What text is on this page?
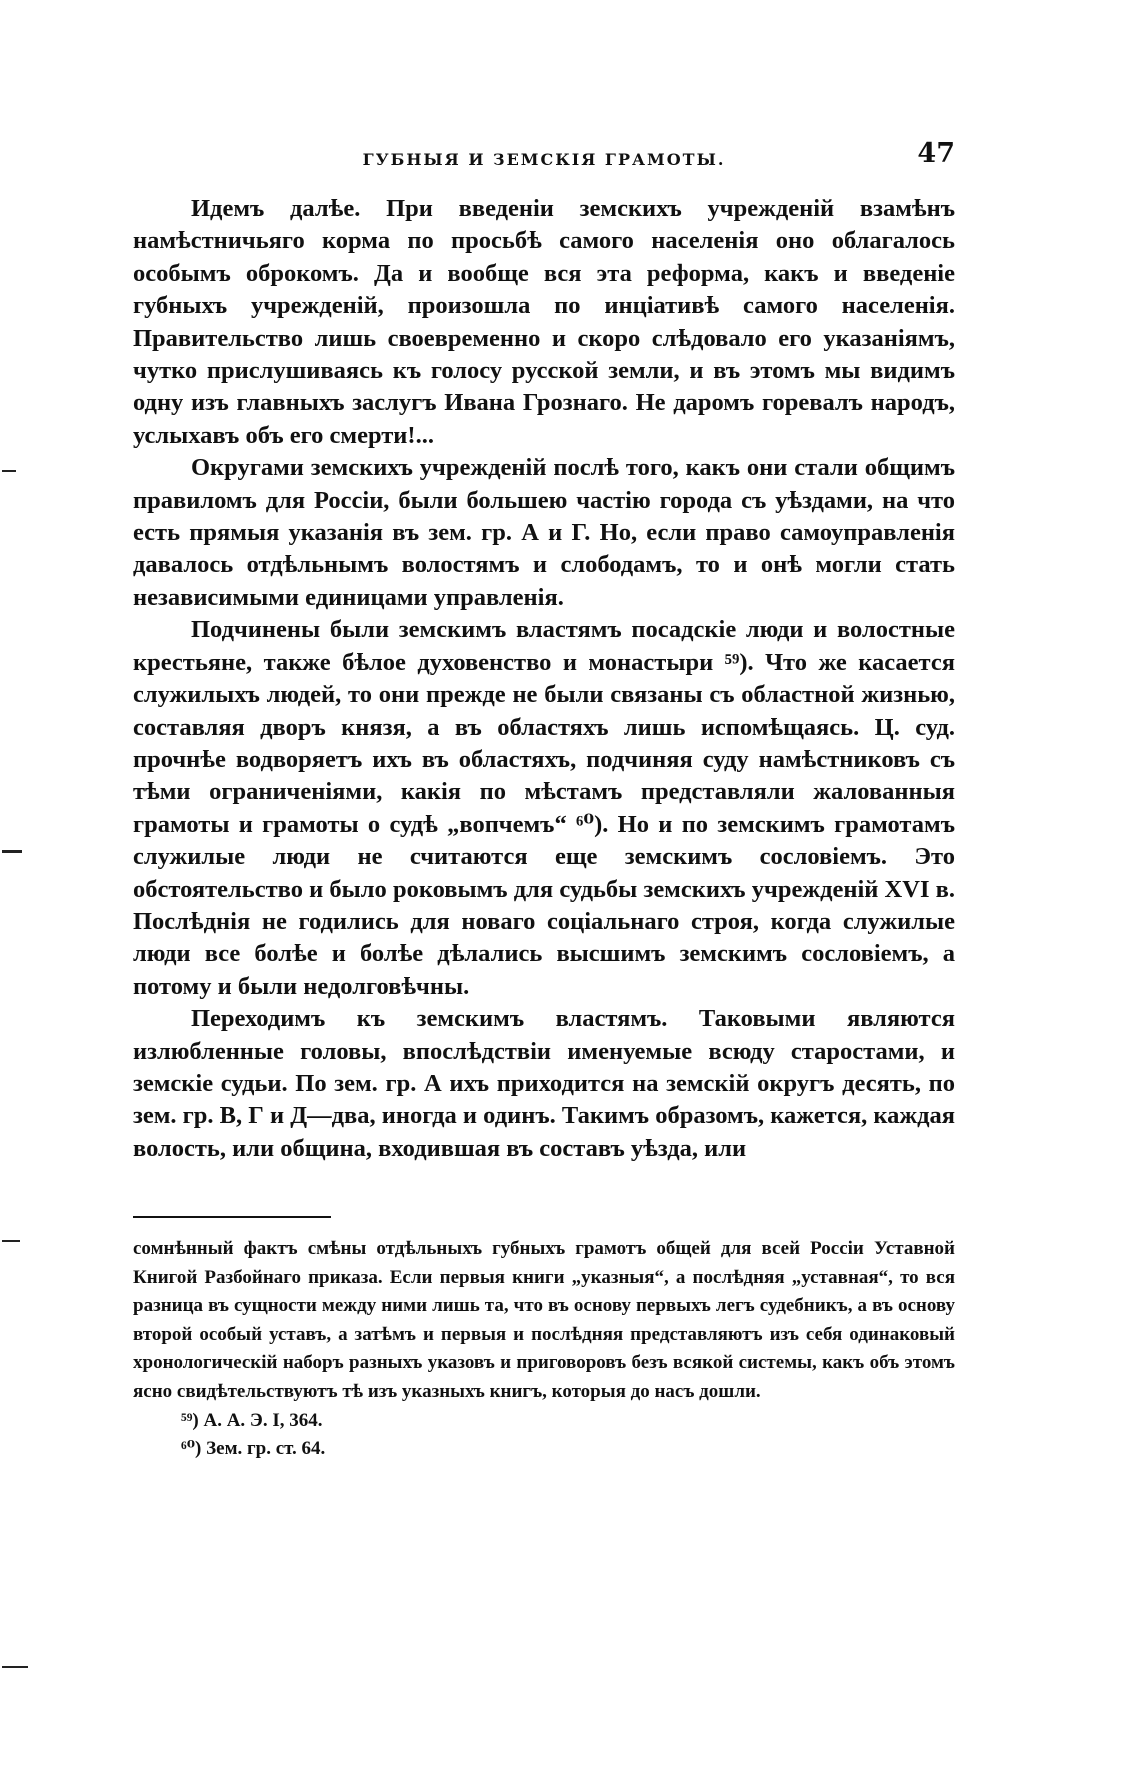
ГУБНЫЯ И ЗЕМСКІЯ ГРАМОТЫ.	47

Идемъ далѣе. При введеніи земскихъ учрежденій взамѣнъ намѣстничьяго корма по просьбѣ самого населенія оно облагалось особымъ оброкомъ. Да и вообще вся эта реформа, какъ и введеніе губныхъ учрежденій, произошла по инціативѣ самого населенія. Правительство лишь своевременно и скоро слѣдовало его указаніямъ, чутко прислушиваясь къ голосу русской земли, и въ этомъ мы видимъ одну изъ главныхъ заслугъ Ивана Грознаго. Не даромъ горевалъ народъ, услыхавъ объ его смерти!...

Округами земскихъ учрежденій послѣ того, какъ они стали общимъ правиломъ для Россіи, были большею частію города съ уѣздами, на что есть прямыя указанія въ зем. гр. А и Г. Но, если право самоуправленія давалось отдѣльнымъ волостямъ и слободамъ, то и онѣ могли стать независимыми единицами управленія.

Подчинены были земскимъ властямъ посадскіе люди и волостные крестьяне, также бѣлое духовенство и монастыри ⁵⁹). Что же касается служилыхъ людей, то они прежде не были связаны съ областной жизнью, составляя дворъ князя, а въ областяхъ лишь испомѣщаясь. Ц. суд. прочнѣе водворяетъ ихъ въ областяхъ, подчиняя суду намѣстниковъ съ тѣми ограниченіями, какія по мѣстамъ представляли жалованныя грамоты и грамоты о судѣ „вопчемъ“ ⁶⁰). Но и по земскимъ грамотамъ служилые люди не считаются еще земскимъ сословіемъ. Это обстоятельство и было роковымъ для судьбы земскихъ учрежденій XVI в. Послѣднія не годились для новаго соціальнаго строя, когда служилые люди все болѣе и болѣе дѣлались высшимъ земскимъ сословіемъ, а потому и были недолговѣчны.

Переходимъ къ земскимъ властямъ. Таковыми являются излюбленные головы, впослѣдствіи именуемые всюду старостами, и земскіе судьи. По зем. гр. А ихъ приходится на земскій округъ десять, по зем. гр. В, Г и Д—два, иногда и одинъ. Такимъ образомъ, кажется, каждая волость, или община, входившая въ составъ уѣзда, или

сомнѣнный фактъ смѣны отдѣльныхъ губныхъ грамотъ общей для всей Россіи Уставной Книгой Разбойнаго приказа. Если первыя книги „указныя“, а послѣдняя „уставная“, то вся разница въ сущности между ними лишь та, что въ основу первыхъ легъ судебникъ, а въ основу второй особый уставъ, а затѣмъ и первыя и послѣдняя представляютъ изъ себя одинаковый хронологическій наборъ разныхъ указовъ и приговоровъ безъ всякой системы, какъ объ этомъ ясно свидѣтельствуютъ тѣ изъ указныхъ книгъ, которыя до насъ дошли.

⁵⁹) А. А. Э. I, 364.

⁶⁰) Зем. гр. ст. 64.
